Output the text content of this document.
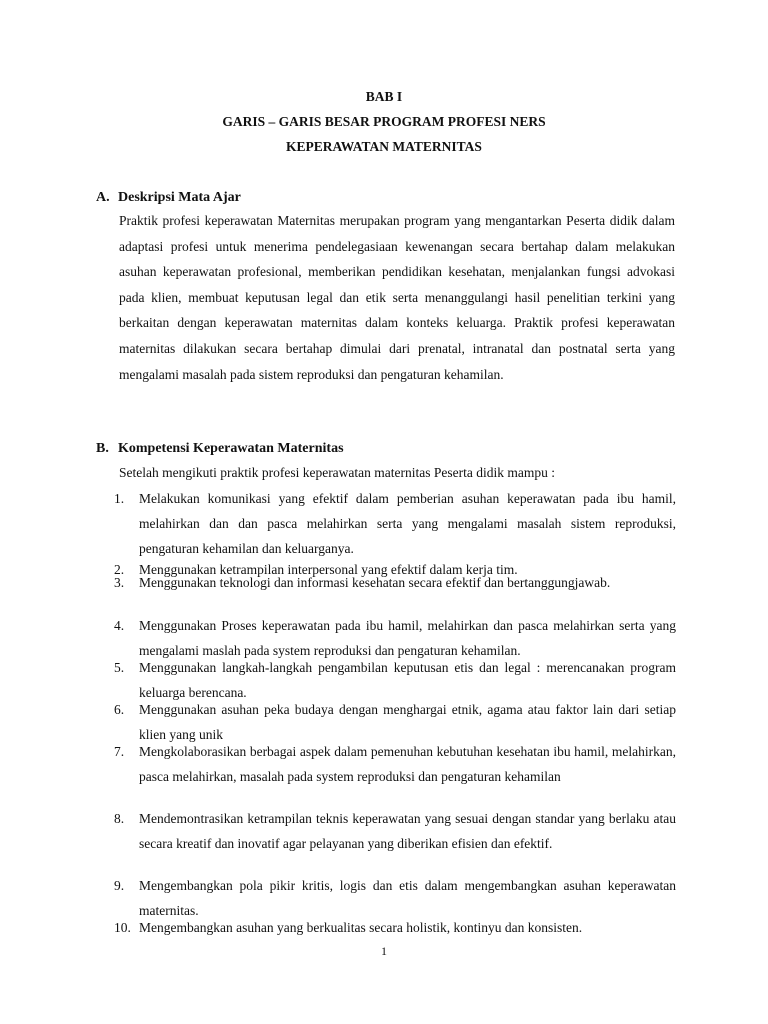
BAB I
GARIS – GARIS BESAR PROGRAM PROFESI NERS
KEPERAWATAN MATERNITAS
A. Deskripsi Mata Ajar
Praktik profesi keperawatan Maternitas merupakan program yang mengantarkan Peserta didik dalam adaptasi profesi untuk menerima pendelegasiaan kewenangan secara bertahap dalam melakukan asuhan keperawatan profesional, memberikan pendidikan kesehatan, menjalankan fungsi advokasi pada klien, membuat keputusan legal dan etik serta menanggulangi hasil penelitian terkini yang berkaitan dengan keperawatan maternitas dalam konteks keluarga. Praktik profesi keperawatan maternitas dilakukan secara bertahap dimulai dari prenatal, intranatal dan postnatal serta yang mengalami masalah pada sistem reproduksi dan pengaturan kehamilan.
B. Kompetensi Keperawatan Maternitas
Setelah mengikuti praktik profesi keperawatan maternitas Peserta didik mampu :
1.	Melakukan komunikasi yang efektif dalam pemberian asuhan keperawatan pada ibu hamil, melahirkan dan dan pasca melahirkan serta yang mengalami masalah sistem reproduksi, pengaturan kehamilan dan keluarganya.
2.	Menggunakan ketrampilan interpersonal yang efektif dalam kerja tim.
3.	Menggunakan teknologi dan informasi kesehatan secara efektif dan bertanggungjawab.
4.	Menggunakan Proses keperawatan pada ibu hamil, melahirkan dan pasca melahirkan serta yang mengalami maslah pada system reproduksi dan pengaturan kehamilan.
5.	Menggunakan langkah-langkah pengambilan keputusan etis dan legal : merencanakan program keluarga berencana.
6.	Menggunakan asuhan peka budaya dengan menghargai etnik, agama atau faktor lain dari setiap klien yang unik
7.	Mengkolaborasikan berbagai aspek dalam pemenuhan kebutuhan kesehatan ibu hamil, melahirkan, pasca melahirkan, masalah pada system reproduksi dan pengaturan kehamilan
8.	Mendemontrasikan ketrampilan teknis keperawatan yang sesuai dengan standar yang berlaku atau secara kreatif dan inovatif agar pelayanan yang diberikan efisien dan efektif.
9.	Mengembangkan pola pikir kritis, logis dan etis dalam mengembangkan asuhan keperawatan maternitas.
10. Mengembangkan asuhan yang berkualitas secara holistik, kontinyu dan konsisten.
1
